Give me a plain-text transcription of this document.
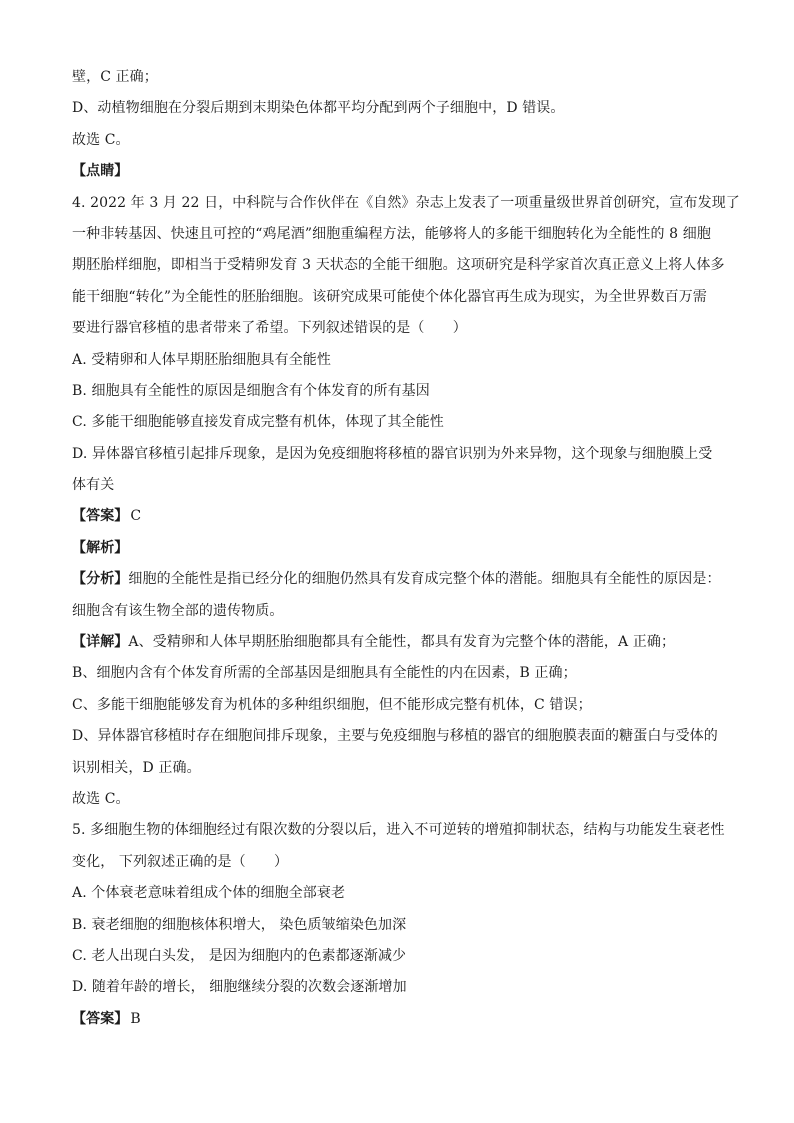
壁，C 正确；
D、动植物细胞在分裂后期到末期染色体都平均分配到两个子细胞中，D 错误。
故选 C。
【点睛】
4. 2022 年 3 月 22 日，中科院与合作伙伴在《自然》杂志上发表了一项重量级世界首创研究，宣布发现了
一种非转基因、快速且可控的“鸡尾酒”细胞重编程方法，能够将人的多能干细胞转化为全能性的 8 细胞
期胚胎样细胞，即相当于受精卵发育 3 天状态的全能干细胞。这项研究是科学家首次真正意义上将人体多
能干细胞“转化”为全能性的胚胎细胞。该研究成果可能使个体化器官再生成为现实，为全世界数百万需
要进行器官移植的患者带来了希望。下列叙述错误的是（　　）
A. 受精卵和人体早期胚胎细胞具有全能性
B. 细胞具有全能性的原因是细胞含有个体发育的所有基因
C. 多能干细胞能够直接发育成完整有机体，体现了其全能性
D. 异体器官移植引起排斥现象，是因为免疫细胞将移植的器官识别为外来异物，这个现象与细胞膜上受
体有关
【答案】 C
【解析】
【分析】细胞的全能性是指已经分化的细胞仍然具有发育成完整个体的潜能。细胞具有全能性的原因是：
细胞含有该生物全部的遗传物质。
【详解】A、受精卵和人体早期胚胎细胞都具有全能性，都具有发育为完整个体的潜能，A 正确；
B、细胞内含有个体发育所需的全部基因是细胞具有全能性的内在因素，B 正确；
C、多能干细胞能够发育为机体的多种组织细胞，但不能形成完整有机体，C 错误；
D、异体器官移植时存在细胞间排斥现象，主要与免疫细胞与移植的器官的细胞膜表面的糖蛋白与受体的
识别相关，D 正确。
故选 C。
5. 多细胞生物的体细胞经过有限次数的分裂以后，进入不可逆转的增殖抑制状态，结构与功能发生衰老性
变化， 下列叙述正确的是（　　）
A. 个体衰老意味着组成个体的细胞全部衰老
B. 衰老细胞的细胞核体积增大， 染色质皱缩染色加深
C. 老人出现白头发， 是因为细胞内的色素都逐渐减少
D. 随着年龄的增长， 细胞继续分裂的次数会逐渐增加
【答案】 B
